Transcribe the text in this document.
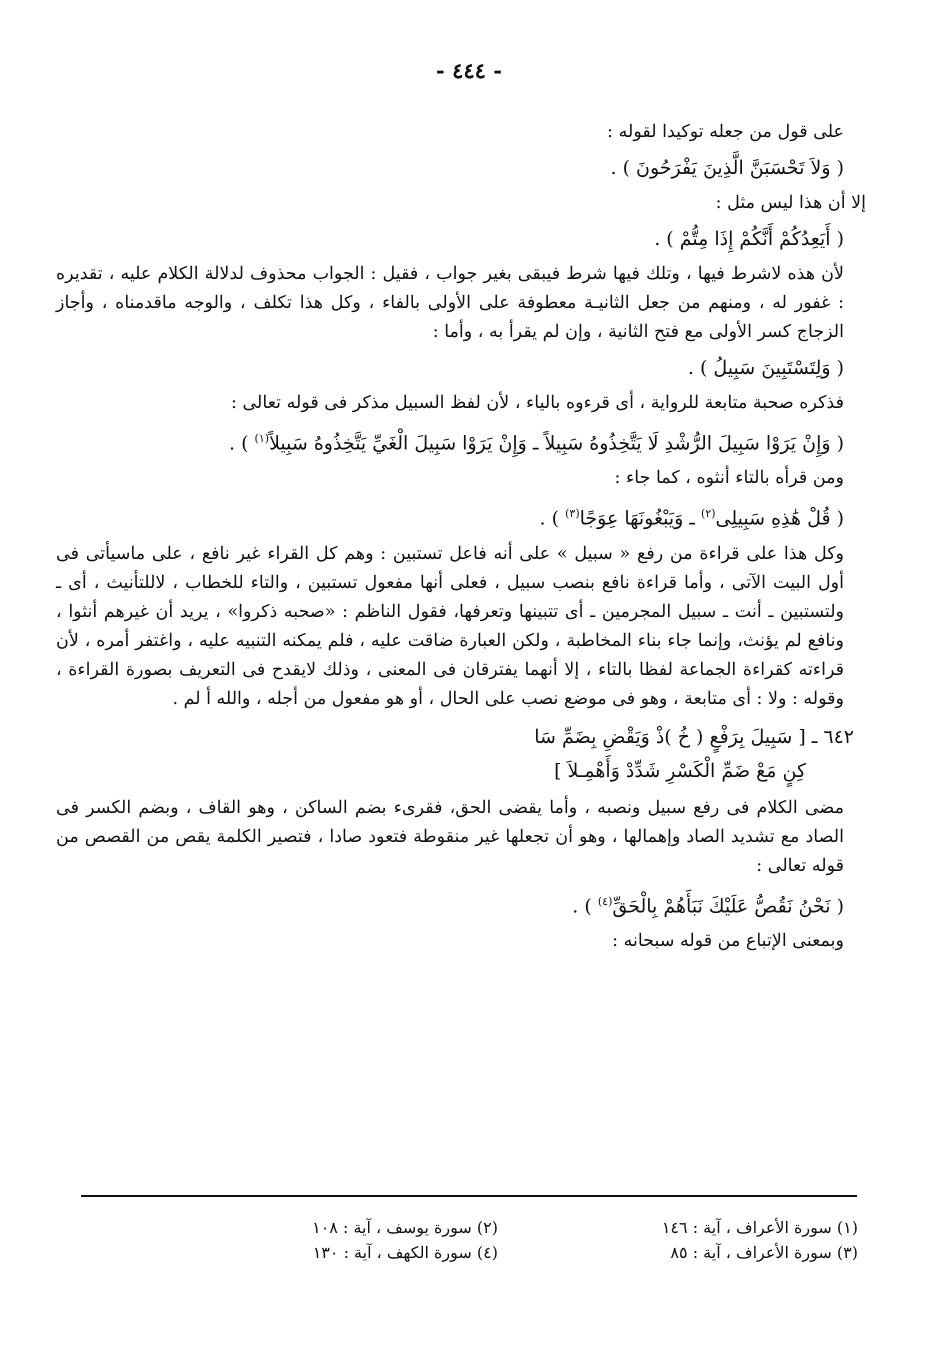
- ٤٤٤ -

على قول من جعله توكيدا لقوله :

( وَلاَ تَحْسَبَنَّ الَّذِينَ يَفْرَحُونَ ) .

إلا أن هذا ليس مثل :

( أَيَعِدُكُمْ أَنَّكُمْ إِذَا مِتُّمْ ) .

لأن هذه لاشرط فيها ، وتلك فيها شرط فيبقى بغير جواب ، فقيل : الجواب محذوف لدلالة الكلام عليه ، تقديره : غفور له ، ومنهم من جعل الثانيـة معطوفة على الأولى بالفاء ، وكل هذا تكلف ، والوجه ماقدمناه ، وأجاز الزجاج كسر الأولى مع فتح الثانية ، وإن لم يقرأ به ، وأما :

( وَلِتَسْتَبِينَ سَبِيلُ ) .

فذكره صحبة متابعة للرواية ، أى قرءوه بالياء ، لأن لفظ السبيل مذكر فى قوله تعالى :

( وَإِنْ يَرَوْا سَبِيلَ الرُّشْدِ لَا يَتَّخِذُوهُ سَبِيلاً ـ وَإِنْ يَرَوْا سَبِيلَ الْغَيِّ يَتَّخِذُوهُ سَبِيلاً$^{(١)}$ ) .

ومن قرأه بالتاء أنثوه ، كما جاء :

( قُلْ هَٰذِهِ سَبِيلِى$^{(٢)}$ ـ وَيَبْغُونَهَا عِوَجًا$^{(٣)}$ ) .

وكل هذا على قراءة من رفع « سبيل » على أنه فاعل تستبين : وهم كل القراء غير نافع ، على ماسيأتى فى أول البيت الآتى ، وأما قراءة نافع بنصب سبيل ، فعلى أنها مفعول تستبين ، والتاء للخطاب ، لاللتأنيث ، أى ـ ولتستبين ـ أنت ـ سبيل المجرمين ـ أى تتبينها وتعرفها، فقول الناظم : «صحبه ذكروا» ، يريد أن غيرهم أنثوا ، ونافع لم يؤنث، وإنما جاء بناء المخاطبة ، ولكن العبارة ضاقت عليه ، فلم يمكنه التنبيه عليه ، واغتفر أمره ، لأن قراءته كقراءة الجماعة لفظا بالتاء ، إلا أنهما يفترقان فى المعنى ، وذلك لايقدح فى التعريف بصورة القراءة ، وقوله : ولا : أى متابعة ، وهو فى موضع نصب على الحال ، أو هو مفعول من أجله ، والله أ لم .

٦٤٢ ـ [ سَبِيلَ بِرَفْعٍ ( خُ )ذْ وَيَقْضِ بِضَمِّ سَا

كِنٍ مَعْ ضَمِّ الْكَسْرِ شَدِّدْ وَأَهْمِـلاَ ]

مضى الكلام فى رفع سبيل ونصبه ، وأما يقضى الحق، فقرىء بضم الساكن ، وهو القاف ، وبضم الكسر فى الصاد مع تشديد الصاد وإهمالها ، وهو أن تجعلها غير منقوطة فتعود صادا ، فتصير الكلمة يقص من القصص من قوله تعالى :

( نَحْنُ نَقُصُّ عَلَيْكَ نَبَأَهُمْ بِالْحَقِّ$^{(٤)}$ ) .

وبمعنى الإتباع من قوله سبحانه :

(١) سورة الأعراف ، آية : ١٤٦
(٢) سورة يوسف ، آية : ١٠٨
(٣) سورة الأعراف ، آية : ٨٥
(٤) سورة الكهف ، آية : ١٣٠
